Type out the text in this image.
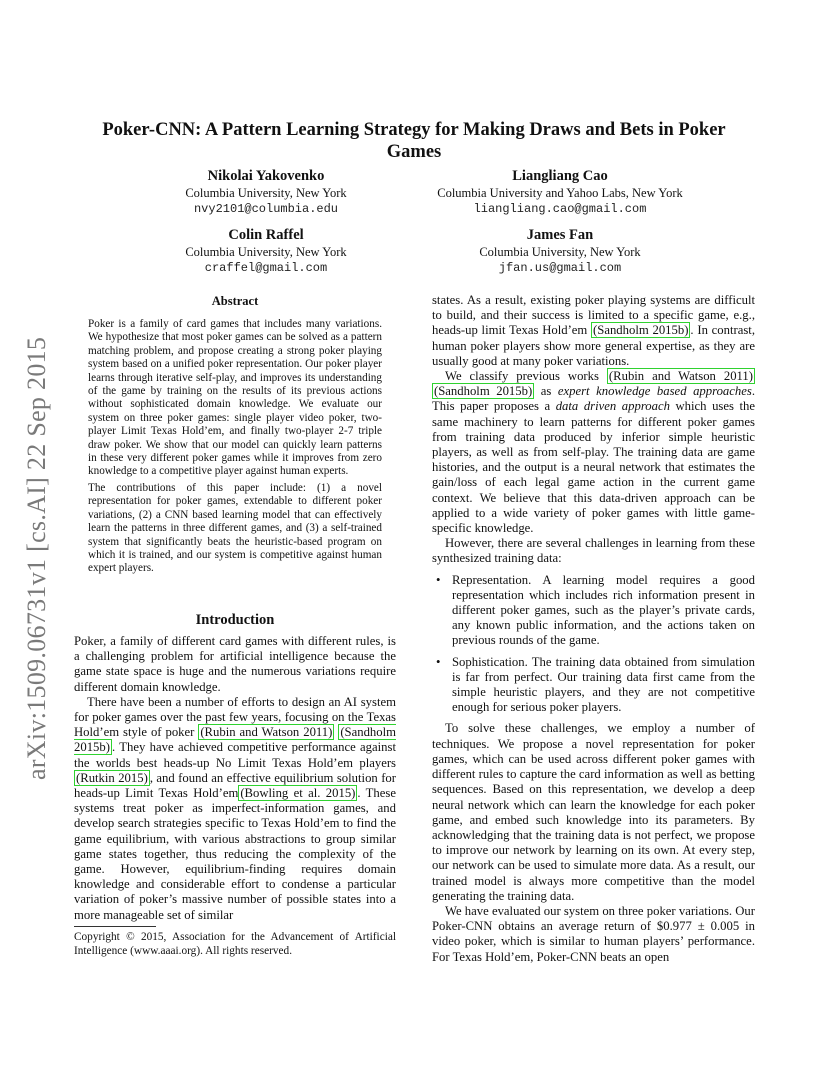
arXiv:1509.06731v1 [cs.AI] 22 Sep 2015
Poker-CNN: A Pattern Learning Strategy for Making Draws and Bets in Poker Games
Nikolai Yakovenko
Columbia University, New York
nvy2101@columbia.edu
Liangliang Cao
Columbia University and Yahoo Labs, New York
liangliang.cao@gmail.com
Colin Raffel
Columbia University, New York
craffel@gmail.com
James Fan
Columbia University, New York
jfan.us@gmail.com
Abstract

Poker is a family of card games that includes many variations. We hypothesize that most poker games can be solved as a pattern matching problem, and propose creating a strong poker playing system based on a unified poker representation. Our poker player learns through iterative self-play, and improves its understanding of the game by training on the results of its previous actions without sophisticated domain knowledge. We evaluate our system on three poker games: single player video poker, two-player Limit Texas Hold’em, and finally two-player 2-7 triple draw poker. We show that our model can quickly learn patterns in these very different poker games while it improves from zero knowledge to a competitive player against human experts.

The contributions of this paper include: (1) a novel representation for poker games, extendable to different poker variations, (2) a CNN based learning model that can effectively learn the patterns in three different games, and (3) a self-trained system that significantly beats the heuristic-based program on which it is trained, and our system is competitive against human expert players.

Introduction

Poker, a family of different card games with different rules, is a challenging problem for artificial intelligence because the game state space is huge and the numerous variations require different domain knowledge.

There have been a number of efforts to design an AI system for poker games over the past few years, focusing on the Texas Hold’em style of poker (Rubin and Watson 2011) (Sandholm 2015b) . They have achieved competitive performance against the worlds best heads-up No Limit Texas Hold’em players (Rutkin 2015) , and found an effective equilibrium solution for heads-up Limit Texas Hold’em (Bowling et al. 2015) . These systems treat poker as imperfect-information games, and develop search strategies specific to Texas Hold’em to find the game equilibrium, with various abstractions to group similar game states together, thus reducing the complexity of the game. However, equilibrium-finding requires domain knowledge and considerable effort to condense a particular variation of poker’s massive number of possible states into a more manageable set of similar

Copyright © 2015, Association for the Advancement of Artificial Intelligence (www.aaai.org). All rights reserved.

states. As a result, existing poker playing systems are difficult to build, and their success is limited to a specific game, e.g., heads-up limit Texas Hold’em (Sandholm 2015b) . In contrast, human poker players show more general expertise, as they are usually good at many poker variations.

We classify previous works (Rubin and Watson 2011) (Sandholm 2015b) as expert knowledge based approaches. This paper proposes a data driven approach which uses the same machinery to learn patterns for different poker games from training data produced by inferior simple heuristic players, as well as from self-play. The training data are game histories, and the output is a neural network that estimates the gain/loss of each legal game action in the current game context. We believe that this data-driven approach can be applied to a wide variety of poker games with little game-specific knowledge.

However, there are several challenges in learning from these synthesized training data:

• Representation. A learning model requires a good representation which includes rich information present in different poker games, such as the player’s private cards, any known public information, and the actions taken on previous rounds of the game.
• Sophistication. The training data obtained from simulation is far from perfect. Our training data first came from the simple heuristic players, and they are not competitive enough for serious poker players.

To solve these challenges, we employ a number of techniques. We propose a novel representation for poker games, which can be used across different poker games with different rules to capture the card information as well as betting sequences. Based on this representation, we develop a deep neural network which can learn the knowledge for each poker game, and embed such knowledge into its parameters. By acknowledging that the training data is not perfect, we propose to improve our network by learning on its own. At every step, our network can be used to simulate more data. As a result, our trained model is always more competitive than the model generating the training data.

We have evaluated our system on three poker variations. Our Poker-CNN obtains an average return of $0.977 ± 0.005 in video poker, which is similar to human players’ performance. For Texas Hold’em, Poker-CNN beats an open
